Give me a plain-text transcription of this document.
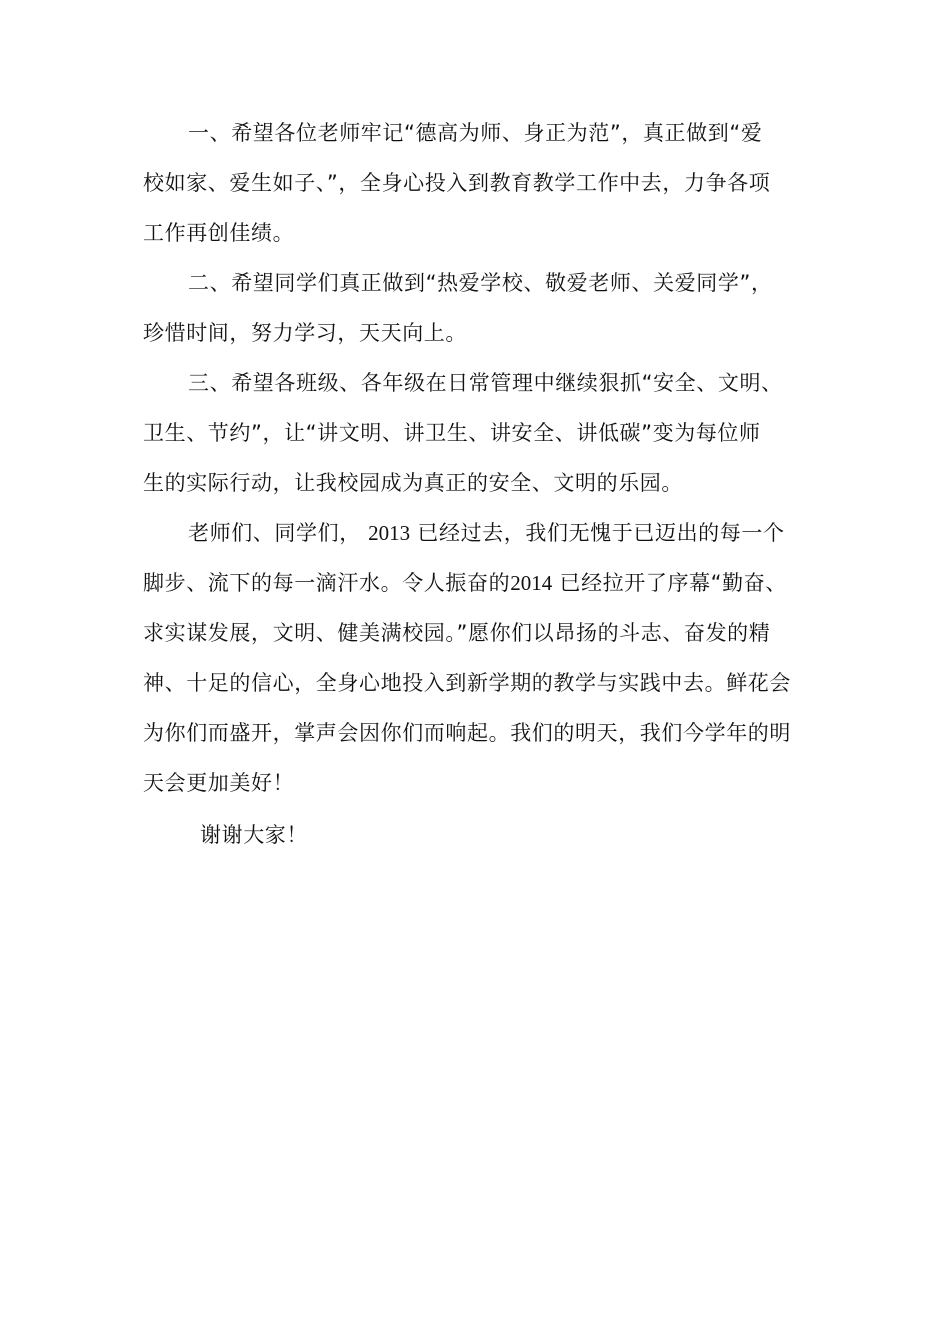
一、希望各位老师牢记“德高为师、身正为范”，真正做到“爱
校如家、爱生如子、”，全身心投入到教育教学工作中去，力争各项
工作再创佳绩。
二、希望同学们真正做到“热爱学校、敬爱老师、关爱同学”，
珍惜时间，努力学习，天天向上。
三、希望各班级、各年级在日常管理中继续狠抓“安全、文明、
卫生、节约”，让“讲文明、讲卫生、讲安全、讲低碳”变为每位师
生的实际行动，让我校园成为真正的安全、文明的乐园。
老师们、同学们， 2013 已经过去，我们无愧于已迈出的每一个
脚步、流下的每一滴汗水。令人振奋的2014 已经拉开了序幕“勤奋、
求实谋发展，文明、健美满校园。”愿你们以昂扬的斗志、奋发的精
神、十足的信心，全身心地投入到新学期的教学与实践中去。鲜花会
为你们而盛开，掌声会因你们而响起。我们的明天，我们今学年的明
天会更加美好！
谢谢大家！
